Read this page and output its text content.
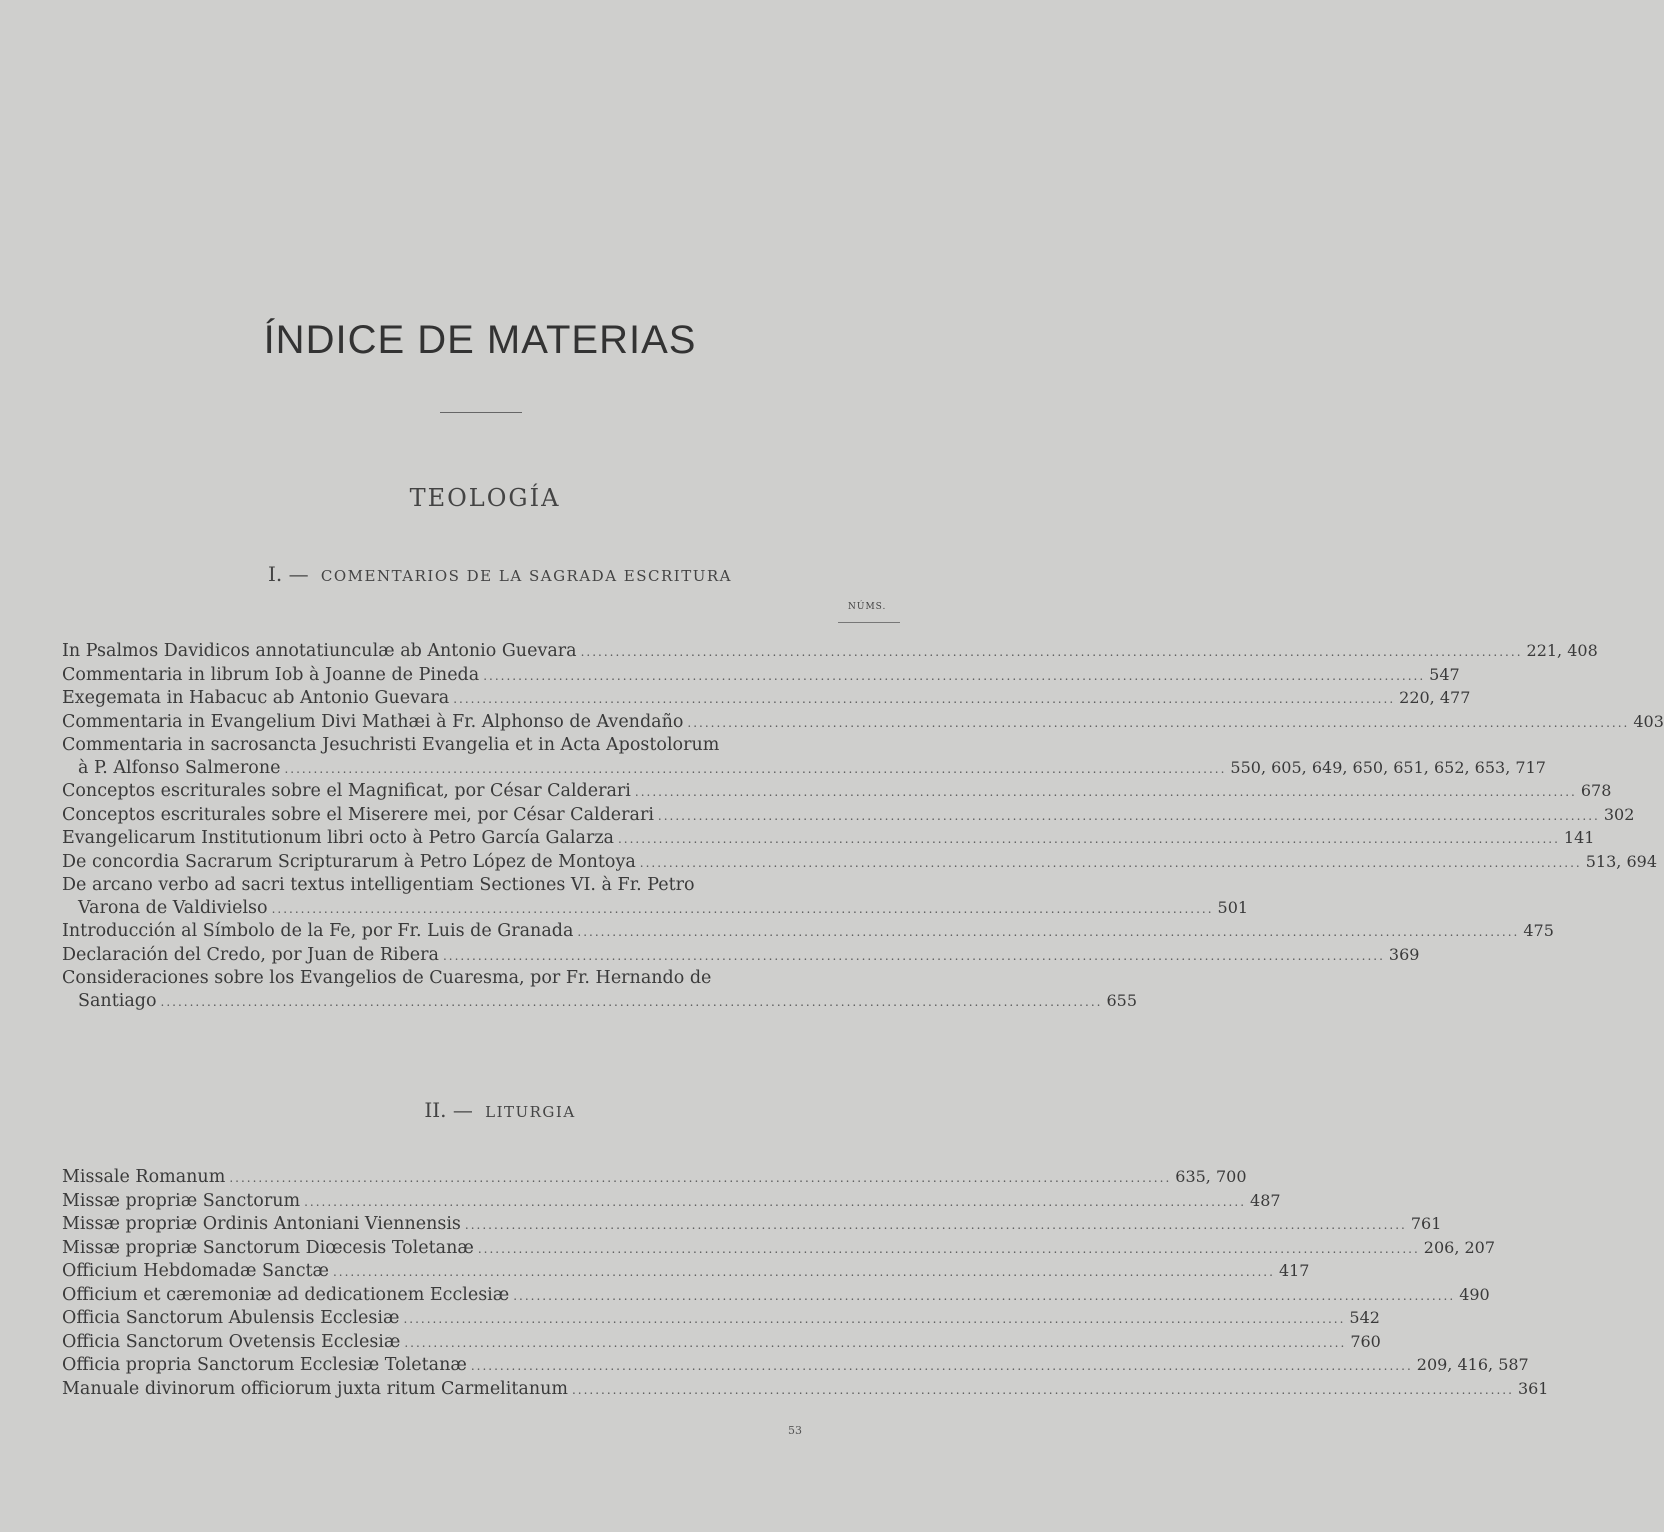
ÍNDICE DE MATERIAS
TEOLOGÍA
I. — COMENTARIOS DE LA SAGRADA ESCRITURA
NÚMS.
In Psalmos Davidicos annotatiunculæ ab Antonio Guevara .....	221, 408
Commentaria in librum Iob à Joanne de Pineda .....	547
Exegemata in Habacuc ab Antonio Guevara .....	220, 477
Commentaria in Evangelium Divi Mathæi à Fr. Alphonso de Avendaño .....	403
Commentaria in sacrosancta Jesuchristi Evangelia et in Acta Apostolorum
à P. Alfonso Salmerone .....	550, 605, 649, 650, 651, 652, 653, 717
Conceptos escriturales sobre el Magnificat, por César Calderari .....	678
Conceptos escriturales sobre el Miserere mei, por César Calderari .....	302
Evangelicarum Institutionum libri octo à Petro García Galarza .....	141
De concordia Sacrarum Scripturarum à Petro López de Montoya .....	513, 694
De arcano verbo ad sacri textus intelligentiam Sectiones VI. à Fr. Petro
Varona de Valdivielso .....	501
Introducción al Símbolo de la Fe, por Fr. Luis de Granada .....	475
Declaración del Credo, por Juan de Ribera .....	369
Consideraciones sobre los Evangelios de Cuaresma, por Fr. Hernando de
Santiago .....	655
II. — LITURGIA
Missale Romanum .....	635, 700
Missæ propriæ Sanctorum .....	487
Missæ propriæ Ordinis Antoniani Viennensis .....	761
Missæ propriæ Sanctorum Diœcesis Toletanæ .....	206, 207
Officium Hebdomadæ Sanctæ .....	417
Officium et cæremoniæ ad dedicationem Ecclesiæ .....	490
Officia Sanctorum Abulensis Ecclesiæ .....	542
Officia Sanctorum Ovetensis Ecclesiæ .....	760
Officia propria Sanctorum Ecclesiæ Toletanæ .....	209, 416, 587
Manuale divinorum officiorum juxta ritum Carmelitanum .....	361
53
